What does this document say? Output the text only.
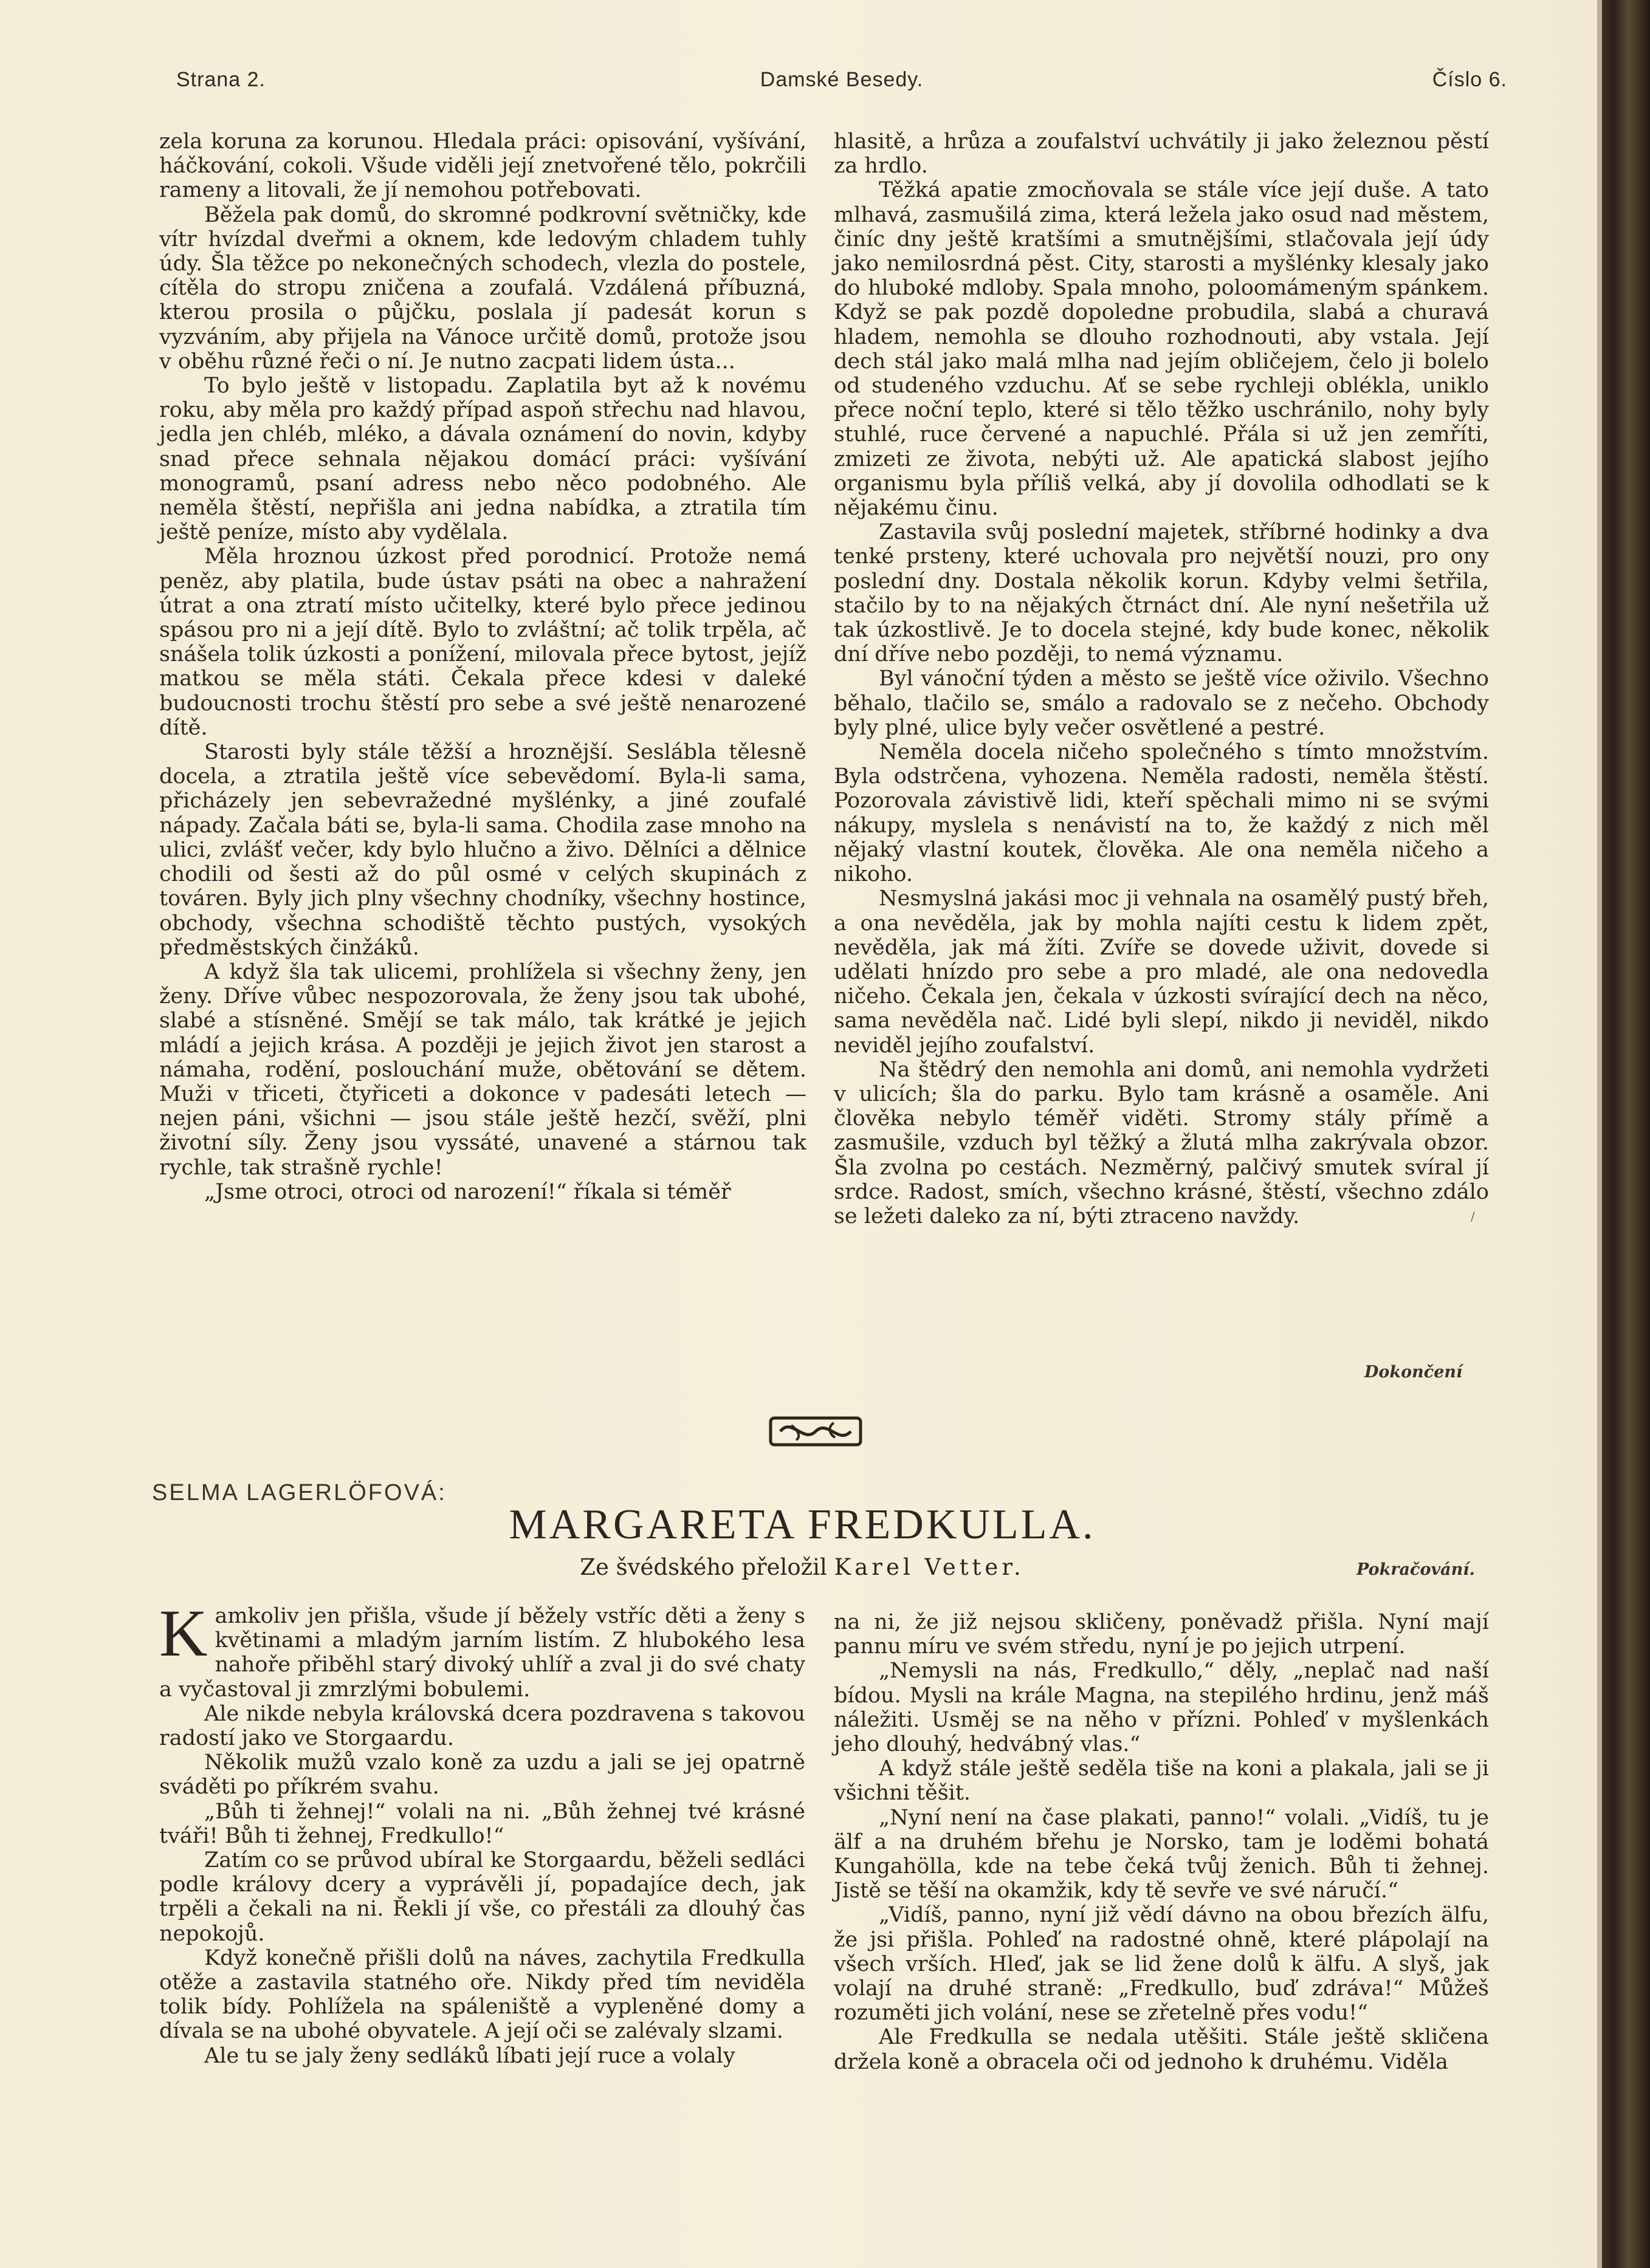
Strana 2.	Damské Besedy.	Číslo 6.

zela koruna za korunou. Hledala práci: opisování, vyšívání, háčkování, cokoli. Všude viděli její znetvořené tělo, pokrčili rameny a litovali, že jí nemohou potřebovati.

Běžela pak domů, do skromné podkrovní světničky, kde vítr hvízdal dveřmi a oknem, kde ledovým chladem tuhly údy. Šla těžce po nekonečných schodech, vlezla do postele, cítěla do stropu zničena a zoufalá. Vzdálená příbuzná, kterou prosila o půjčku, poslala jí padesát korun s vyzváním, aby přijela na Vánoce určitě domů, protože jsou v oběhu různé řeči o ní. Je nutno zacpati lidem ústa...

To bylo ještě v listopadu. Zaplatila byt až k novému roku, aby měla pro každý případ aspoň střechu nad hlavou, jedla jen chléb, mléko, a dávala oznámení do novin, kdyby snad přece sehnala nějakou domácí práci: vyšívání monogramů, psaní adress nebo něco podobného. Ale neměla štěstí, nepřišla ani jedna nabídka, a ztratila tím ještě peníze, místo aby vydělala.

Měla hroznou úzkost před porodnicí. Protože nemá peněz, aby platila, bude ústav psáti na obec a nahražení útrat a ona ztratí místo učitelky, které bylo přece jedinou spásou pro ni a její dítě. Bylo to zvláštní; ač tolik trpěla, ač snášela tolik úzkosti a ponížení, milovala přece bytost, jejíž matkou se měla státi. Čekala přece kdesi v daleké budoucnosti trochu štěstí pro sebe a své ještě nenarozené dítě.

Starosti byly stále těžší a hroznější. Seslábla tělesně docela, a ztratila ještě více sebevědomí. Byla-li sama, přicházely jen sebevražedné myšlénky, a jiné zoufalé nápady. Začala báti se, byla-li sama. Chodila zase mnoho na ulici, zvlášť večer, kdy bylo hlučno a živo. Dělníci a dělnice chodili od šesti až do půl osmé v celých skupinách z továren. Byly jich plny všechny chodníky, všechny hostince, obchody, všechna schodiště těchto pustých, vysokých předměstských činžáků.

A když šla tak ulicemi, prohlížela si všechny ženy, jen ženy. Dříve vůbec nespozorovala, že ženy jsou tak ubohé, slabé a stísněné. Smějí se tak málo, tak krátké je jejich mládí a jejich krása. A později je jejich život jen starost a námaha, rodění, poslouchání muže, obětování se dětem. Muži v třiceti, čtyřiceti a dokonce v padesáti letech — nejen páni, všichni — jsou stále ještě hezčí, svěží, plni životní síly. Ženy jsou vyssáté, unavené a stárnou tak rychle, tak strašně rychle!

„Jsme otroci, otroci od narození!“ říkala si téměř

hlasitě, a hrůza a zoufalství uchvátily ji jako železnou pěstí za hrdlo.

Těžká apatie zmocňovala se stále více její duše. A tato mlhavá, zasmušilá zima, která ležela jako osud nad městem, činíc dny ještě kratšími a smutnějšími, stlačovala její údy jako nemilosrdná pěst. City, starosti a myšlénky klesaly jako do hluboké mdloby. Spala mnoho, poloomámeným spánkem. Když se pak pozdě dopoledne probudila, slabá a churavá hladem, nemohla se dlouho rozhodnouti, aby vstala. Její dech stál jako malá mlha nad jejím obličejem, čelo ji bolelo od studeného vzduchu. Ať se sebe rychleji oblékla, uniklo přece noční teplo, které si tělo těžko uschránilo, nohy byly stuhlé, ruce červené a napuchlé. Přála si už jen zemříti, zmizeti ze života, nebýti už. Ale apatická slabost jejího organismu byla příliš velká, aby jí dovolila odhodlati se k nějakému činu.

Zastavila svůj poslední majetek, stříbrné hodinky a dva tenké prsteny, které uchovala pro největší nouzi, pro ony poslední dny. Dostala několik korun. Kdyby velmi šetřila, stačilo by to na nějakých čtrnáct dní. Ale nyní nešetřila už tak úzkostlivě. Je to docela stejné, kdy bude konec, několik dní dříve nebo později, to nemá významu.

Byl vánoční týden a město se ještě více oživilo. Všechno běhalo, tlačilo se, smálo a radovalo se z nečeho. Obchody byly plné, ulice byly večer osvětlené a pestré.

Neměla docela ničeho společného s tímto množstvím. Byla odstrčena, vyhozena. Neměla radosti, neměla štěstí. Pozorovala závistivě lidi, kteří spěchali mimo ni se svými nákupy, myslela s nenávistí na to, že každý z nich měl nějaký vlastní koutek, člověka. Ale ona neměla ničeho a nikoho.

Nesmyslná jakási moc ji vehnala na osamělý pustý břeh, a ona nevěděla, jak by mohla najíti cestu k lidem zpět, nevěděla, jak má žíti. Zvíře se dovede uživit, dovede si udělati hnízdo pro sebe a pro mladé, ale ona nedovedla ničeho. Čekala jen, čekala v úzkosti svírající dech na něco, sama nevěděla nač. Lidé byli slepí, nikdo ji neviděl, nikdo neviděl jejího zoufalství.

Na štědrý den nemohla ani domů, ani nemohla vydržeti v ulicích; šla do parku. Bylo tam krásně a osaměle. Ani člověka nebylo téměř viděti. Stromy stály přímě a zasmušile, vzduch byl těžký a žlutá mlha zakrývala obzor. Šla zvolna po cestách. Nezměrný, palčivý smutek svíral jí srdce. Radost, smích, všechno krásné, štěstí, všechno zdálo se ležeti daleko za ní, býti ztraceno navždy.

Dokončení
/
SELMA LAGERLÖFOVÁ:
MARGARETA FREDKULLA.
Ze švédského přeložil Karel Vetter.	Pokračování.

Kamkoliv jen přišla, všude jí běžely vstříc děti a ženy s květinami a mladým jarním listím. Z hlubokého lesa nahoře přiběhl starý divoký uhlíř a zval ji do své chaty a vyčastoval ji zmrzlými bobulemi.

Ale nikde nebyla královská dcera pozdravena s takovou radostí jako ve Storgaardu.

Několik mužů vzalo koně za uzdu a jali se jej opatrně sváděti po příkrém svahu.

„Bůh ti žehnej!“ volali na ni. „Bůh žehnej tvé krásné tváři! Bůh ti žehnej, Fredkullo!“

Zatím co se průvod ubíral ke Storgaardu, běželi sedláci podle královy dcery a vyprávěli jí, popadajíce dech, jak trpěli a čekali na ni. Řekli jí vše, co přestáli za dlouhý čas nepokojů.

Když konečně přišli dolů na náves, zachytila Fredkulla otěže a zastavila statného oře. Nikdy před tím neviděla tolik bídy. Pohlížela na spáleniště a vypleněné domy a dívala se na ubohé obyvatele. A její oči se zalévaly slzami.

Ale tu se jaly ženy sedláků líbati její ruce a volaly

na ni, že již nejsou skličeny, poněvadž přišla. Nyní mají pannu míru ve svém středu, nyní je po jejich utrpení.

„Nemysli na nás, Fredkullo,“ děly, „neplač nad naší bídou. Mysli na krále Magna, na stepilého hrdinu, jenž máš náležiti. Usměj se na něho v přízni. Pohleď v myšlenkách jeho dlouhý, hedvábný vlas.“

A když stále ještě seděla tiše na koni a plakala, jali se ji všichni těšit.

„Nyní není na čase plakati, panno!“ volali. „Vidíš, tu je älf a na druhém břehu je Norsko, tam je loděmi bohatá Kungahölla, kde na tebe čeká tvůj ženich. Bůh ti žehnej. Jistě se těší na okamžik, kdy tě sevře ve své náručí.“

„Vidíš, panno, nyní již vědí dávno na obou březích älfu, že jsi přišla. Pohleď na radostné ohně, které plápolají na všech vrších. Hleď, jak se lid žene dolů k älfu. A slyš, jak volají na druhé straně: „Fredkullo, buď zdráva!“ Můžeš rozuměti jich volání, nese se zřetelně přes vodu!“

Ale Fredkulla se nedala utěšiti. Stále ještě skličena držela koně a obracela oči od jednoho k druhému. Viděla
